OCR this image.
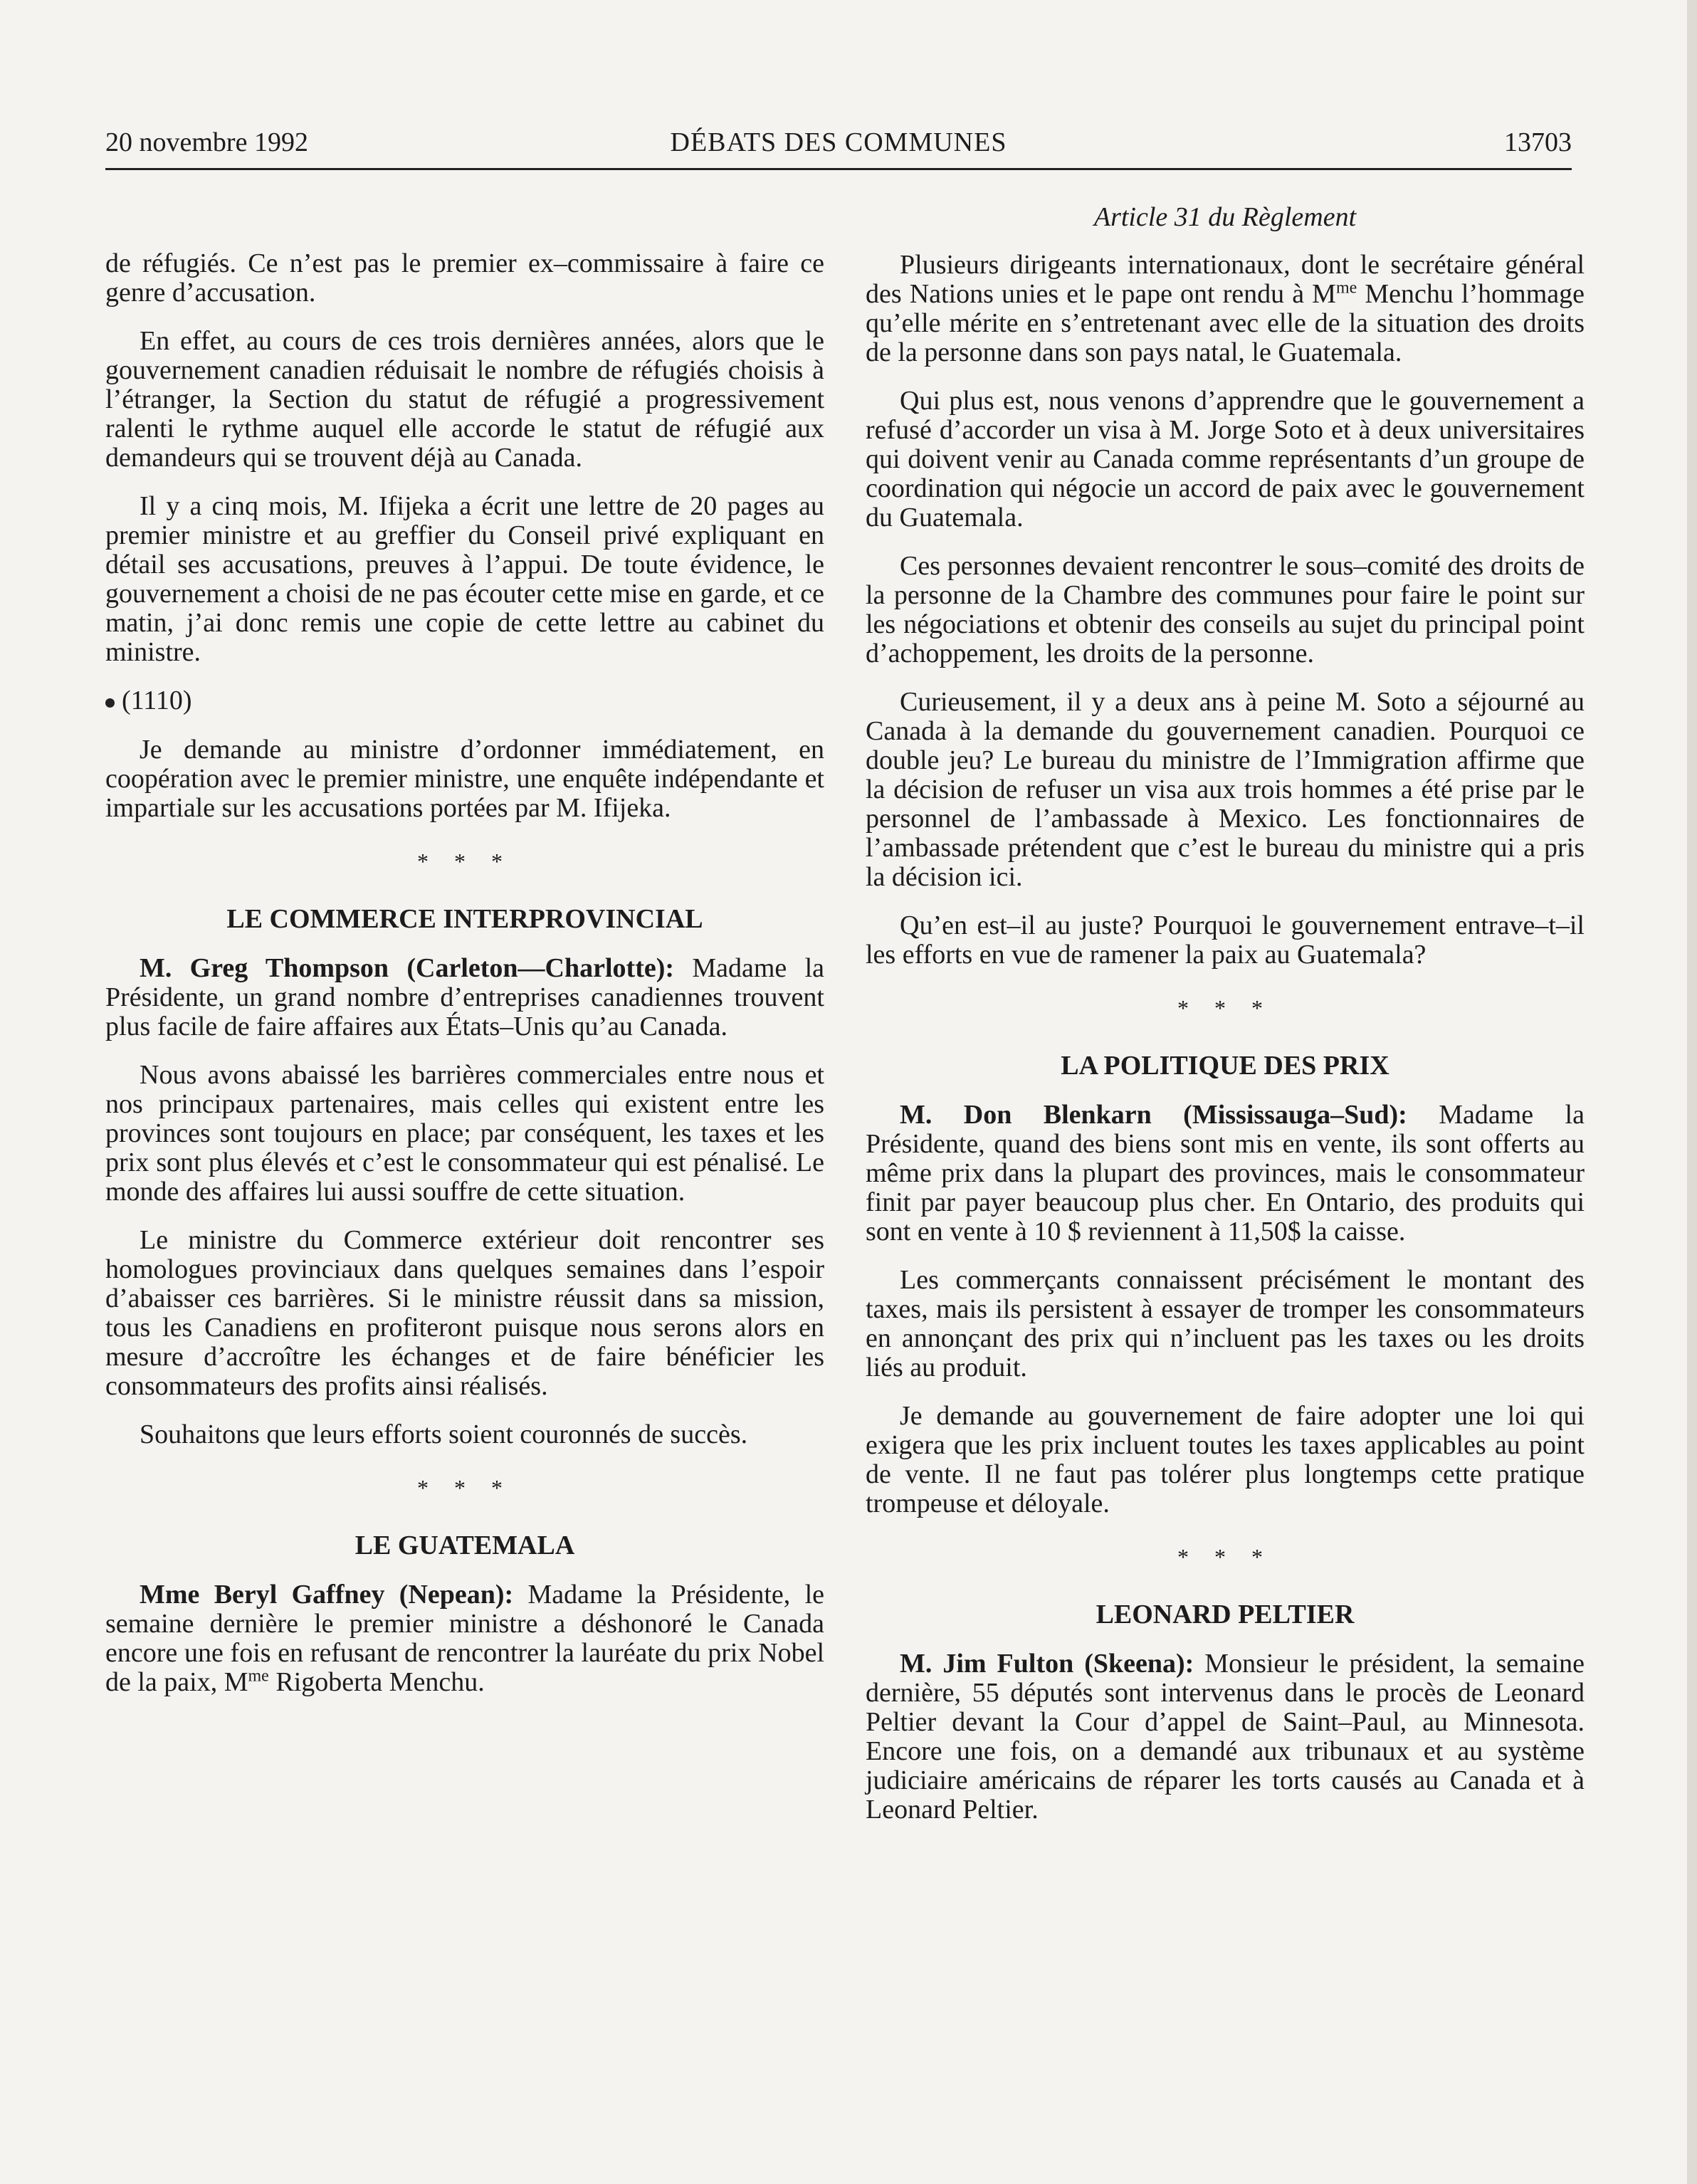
20 novembre 1992	DÉBATS DES COMMUNES	13703

de réfugiés. Ce n’est pas le premier ex–commissaire à faire ce genre d’accusation.

En effet, au cours de ces trois dernières années, alors que le gouvernement canadien réduisait le nombre de réfugiés choisis à l’étranger, la Section du statut de réfugié a progressivement ralenti le rythme auquel elle accorde le statut de réfugié aux demandeurs qui se trouvent déjà au Canada.

Il y a cinq mois, M. Ifijeka a écrit une lettre de 20 pages au premier ministre et au greffier du Conseil privé expliquant en détail ses accusations, preuves à l’appui. De toute évidence, le gouvernement a choisi de ne pas écouter cette mise en garde, et ce matin, j’ai donc remis une copie de cette lettre au cabinet du ministre.

(1110)

Je demande au ministre d’ordonner immédiatement, en coopération avec le premier ministre, une enquête indépendante et impartiale sur les accusations portées par M. Ifijeka.

* * *
LE COMMERCE INTERPROVINCIAL

M. Greg Thompson (Carleton—Charlotte): Madame la Présidente, un grand nombre d’entreprises canadiennes trouvent plus facile de faire affaires aux États–Unis qu’au Canada.

Nous avons abaissé les barrières commerciales entre nous et nos principaux partenaires, mais celles qui existent entre les provinces sont toujours en place; par conséquent, les taxes et les prix sont plus élevés et c’est le consommateur qui est pénalisé. Le monde des affaires lui aussi souffre de cette situation.

Le ministre du Commerce extérieur doit rencontrer ses homologues provinciaux dans quelques semaines dans l’espoir d’abaisser ces barrières. Si le ministre réussit dans sa mission, tous les Canadiens en profiteront puisque nous serons alors en mesure d’accroître les échanges et de faire bénéficier les consommateurs des profits ainsi réalisés.

Souhaitons que leurs efforts soient couronnés de succès.

* * *
LE GUATEMALA

Mme Beryl Gaffney (Nepean): Madame la Présidente, le semaine dernière le premier ministre a déshonoré le Canada encore une fois en refusant de rencontrer la lauréate du prix Nobel de la paix, $M^{me}$ Rigoberta Menchu.

Article 31 du Règlement

Plusieurs dirigeants internationaux, dont le secrétaire général des Nations unies et le pape ont rendu à $M^{me}$ Menchu l’hommage qu’elle mérite en s’entretenant avec elle de la situation des droits de la personne dans son pays natal, le Guatemala.

Qui plus est, nous venons d’apprendre que le gouvernement a refusé d’accorder un visa à M. Jorge Soto et à deux universitaires qui doivent venir au Canada comme représentants d’un groupe de coordination qui négocie un accord de paix avec le gouvernement du Guatemala.

Ces personnes devaient rencontrer le sous–comité des droits de la personne de la Chambre des communes pour faire le point sur les négociations et obtenir des conseils au sujet du principal point d’achoppement, les droits de la personne.

Curieusement, il y a deux ans à peine M. Soto a séjourné au Canada à la demande du gouvernement canadien. Pourquoi ce double jeu? Le bureau du ministre de l’Immigration affirme que la décision de refuser un visa aux trois hommes a été prise par le personnel de l’ambassade à Mexico. Les fonctionnaires de l’ambassade prétendent que c’est le bureau du ministre qui a pris la décision ici.

Qu’en est–il au juste? Pourquoi le gouvernement entrave–t–il les efforts en vue de ramener la paix au Guatemala?

* * *
LA POLITIQUE DES PRIX

M. Don Blenkarn (Mississauga–Sud): Madame la Présidente, quand des biens sont mis en vente, ils sont offerts au même prix dans la plupart des provinces, mais le consommateur finit par payer beaucoup plus cher. En Ontario, des produits qui sont en vente à 10 $ reviennent à 11,50$ la caisse.

Les commerçants connaissent précisément le montant des taxes, mais ils persistent à essayer de tromper les consommateurs en annonçant des prix qui n’incluent pas les taxes ou les droits liés au produit.

Je demande au gouvernement de faire adopter une loi qui exigera que les prix incluent toutes les taxes applicables au point de vente. Il ne faut pas tolérer plus longtemps cette pratique trompeuse et déloyale.

* * *
LEONARD PELTIER

M. Jim Fulton (Skeena): Monsieur le président, la semaine dernière, 55 députés sont intervenus dans le procès de Leonard Peltier devant la Cour d’appel de Saint–Paul, au Minnesota. Encore une fois, on a demandé aux tribunaux et au système judiciaire américains de réparer les torts causés au Canada et à Leonard Peltier.
